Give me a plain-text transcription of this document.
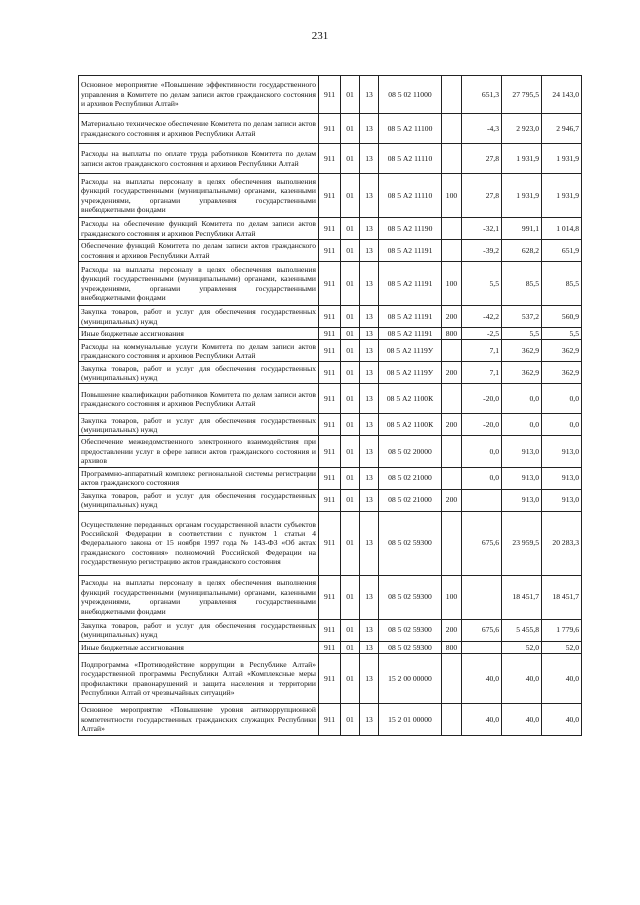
231
Основное мероприятие «Повышение эффективности государственного управления в Комитете по делам записи актов гражданского состояния и архивов Республики Алтай»	911	01	13	08 5 02 11000		651,3	27 795,5	24 143,0
Материально техническое обеспечение Комитета по делам записи актов гражданского состояния и архивов Республики Алтай	911	01	13	08 5 А2 11100		-4,3	2 923,0	2 946,7
Расходы на выплаты по оплате труда работников Комитета по делам записи актов гражданского состояния и архивов Республики Алтай	911	01	13	08 5 А2 11110		27,8	1 931,9	1 931,9
Расходы на выплаты персоналу в целях обеспечения выполнения функций государственными (муниципальными) органами, казенными учреждениями, органами управления государственными внебюджетными фондами	911	01	13	08 5 А2 11110	100	27,8	1 931,9	1 931,9
Расходы на обеспечение функций Комитета по делам записи актов гражданского состояния и архивов Республики Алтай	911	01	13	08 5 А2 11190		-32,1	991,1	1 014,8
Обеспечение функций Комитета по делам записи актов гражданского состояния и архивов Республики Алтай	911	01	13	08 5 А2 11191		-39,2	628,2	651,9
Расходы на выплаты персоналу в целях обеспечения выполнения функций государственными (муниципальными) органами, казенными учреждениями, органами управления государственными внебюджетными фондами	911	01	13	08 5 А2 11191	100	5,5	85,5	85,5
Закупка товаров, работ и услуг для обеспечения государственных (муниципальных) нужд	911	01	13	08 5 А2 11191	200	-42,2	537,2	560,9
Иные бюджетные ассигнования	911	01	13	08 5 А2 11191	800	-2,5	5,5	5,5
Расходы на коммунальные услуги Комитета по делам записи актов гражданского состояния и архивов Республики Алтай	911	01	13	08 5 А2 1119У		7,1	362,9	362,9
Закупка товаров, работ и услуг для обеспечения государственных (муниципальных) нужд	911	01	13	08 5 А2 1119У	200	7,1	362,9	362,9
Повышение квалификации работников Комитета по делам записи актов гражданского состояния и архивов Республики Алтай	911	01	13	08 5 А2 1100К		-20,0	0,0	0,0
Закупка товаров, работ и услуг для обеспечения государственных (муниципальных) нужд	911	01	13	08 5 А2 1100К	200	-20,0	0,0	0,0
Обеспечение межведомственного электронного взаимодействия при предоставлении услуг в сфере записи актов гражданского состояния и архивов	911	01	13	08 5 02 20000		0,0	913,0	913,0
Программно-аппаратный комплекс региональной системы регистрации актов гражданского состояния	911	01	13	08 5 02 21000		0,0	913,0	913,0
Закупка товаров, работ и услуг для обеспечения государственных (муниципальных) нужд	911	01	13	08 5 02 21000	200		913,0	913,0
Осуществление переданных органам государственной власти субъектов Российской Федерации в соответствии с пунктом 1 статьи 4 Федерального закона от 15 ноября 1997 года № 143-ФЗ «Об актах гражданского состояния» полномочий Российской Федерации на государственную регистрацию актов гражданского состояния	911	01	13	08 5 02 59300		675,6	23 959,5	20 283,3
Расходы на выплаты персоналу в целях обеспечения выполнения функций государственными (муниципальными) органами, казенными учреждениями, органами управления государственными внебюджетными фондами	911	01	13	08 5 02 59300	100		18 451,7	18 451,7
Закупка товаров, работ и услуг для обеспечения государственных (муниципальных) нужд	911	01	13	08 5 02 59300	200	675,6	5 455,8	1 779,6
Иные бюджетные ассигнования	911	01	13	08 5 02 59300	800		52,0	52,0
Подпрограмма «Противодействие коррупции в Республике Алтай» государственной программы Республики Алтай «Комплексные меры профилактики правонарушений и защита населения и территории Республики Алтай от чрезвычайных ситуаций»	911	01	13	15 2 00 00000		40,0	40,0	40,0
Основное мероприятие «Повышение уровня антикоррупционной компетентности государственных гражданских служащих Республики Алтай»	911	01	13	15 2 01 00000		40,0	40,0	40,0
